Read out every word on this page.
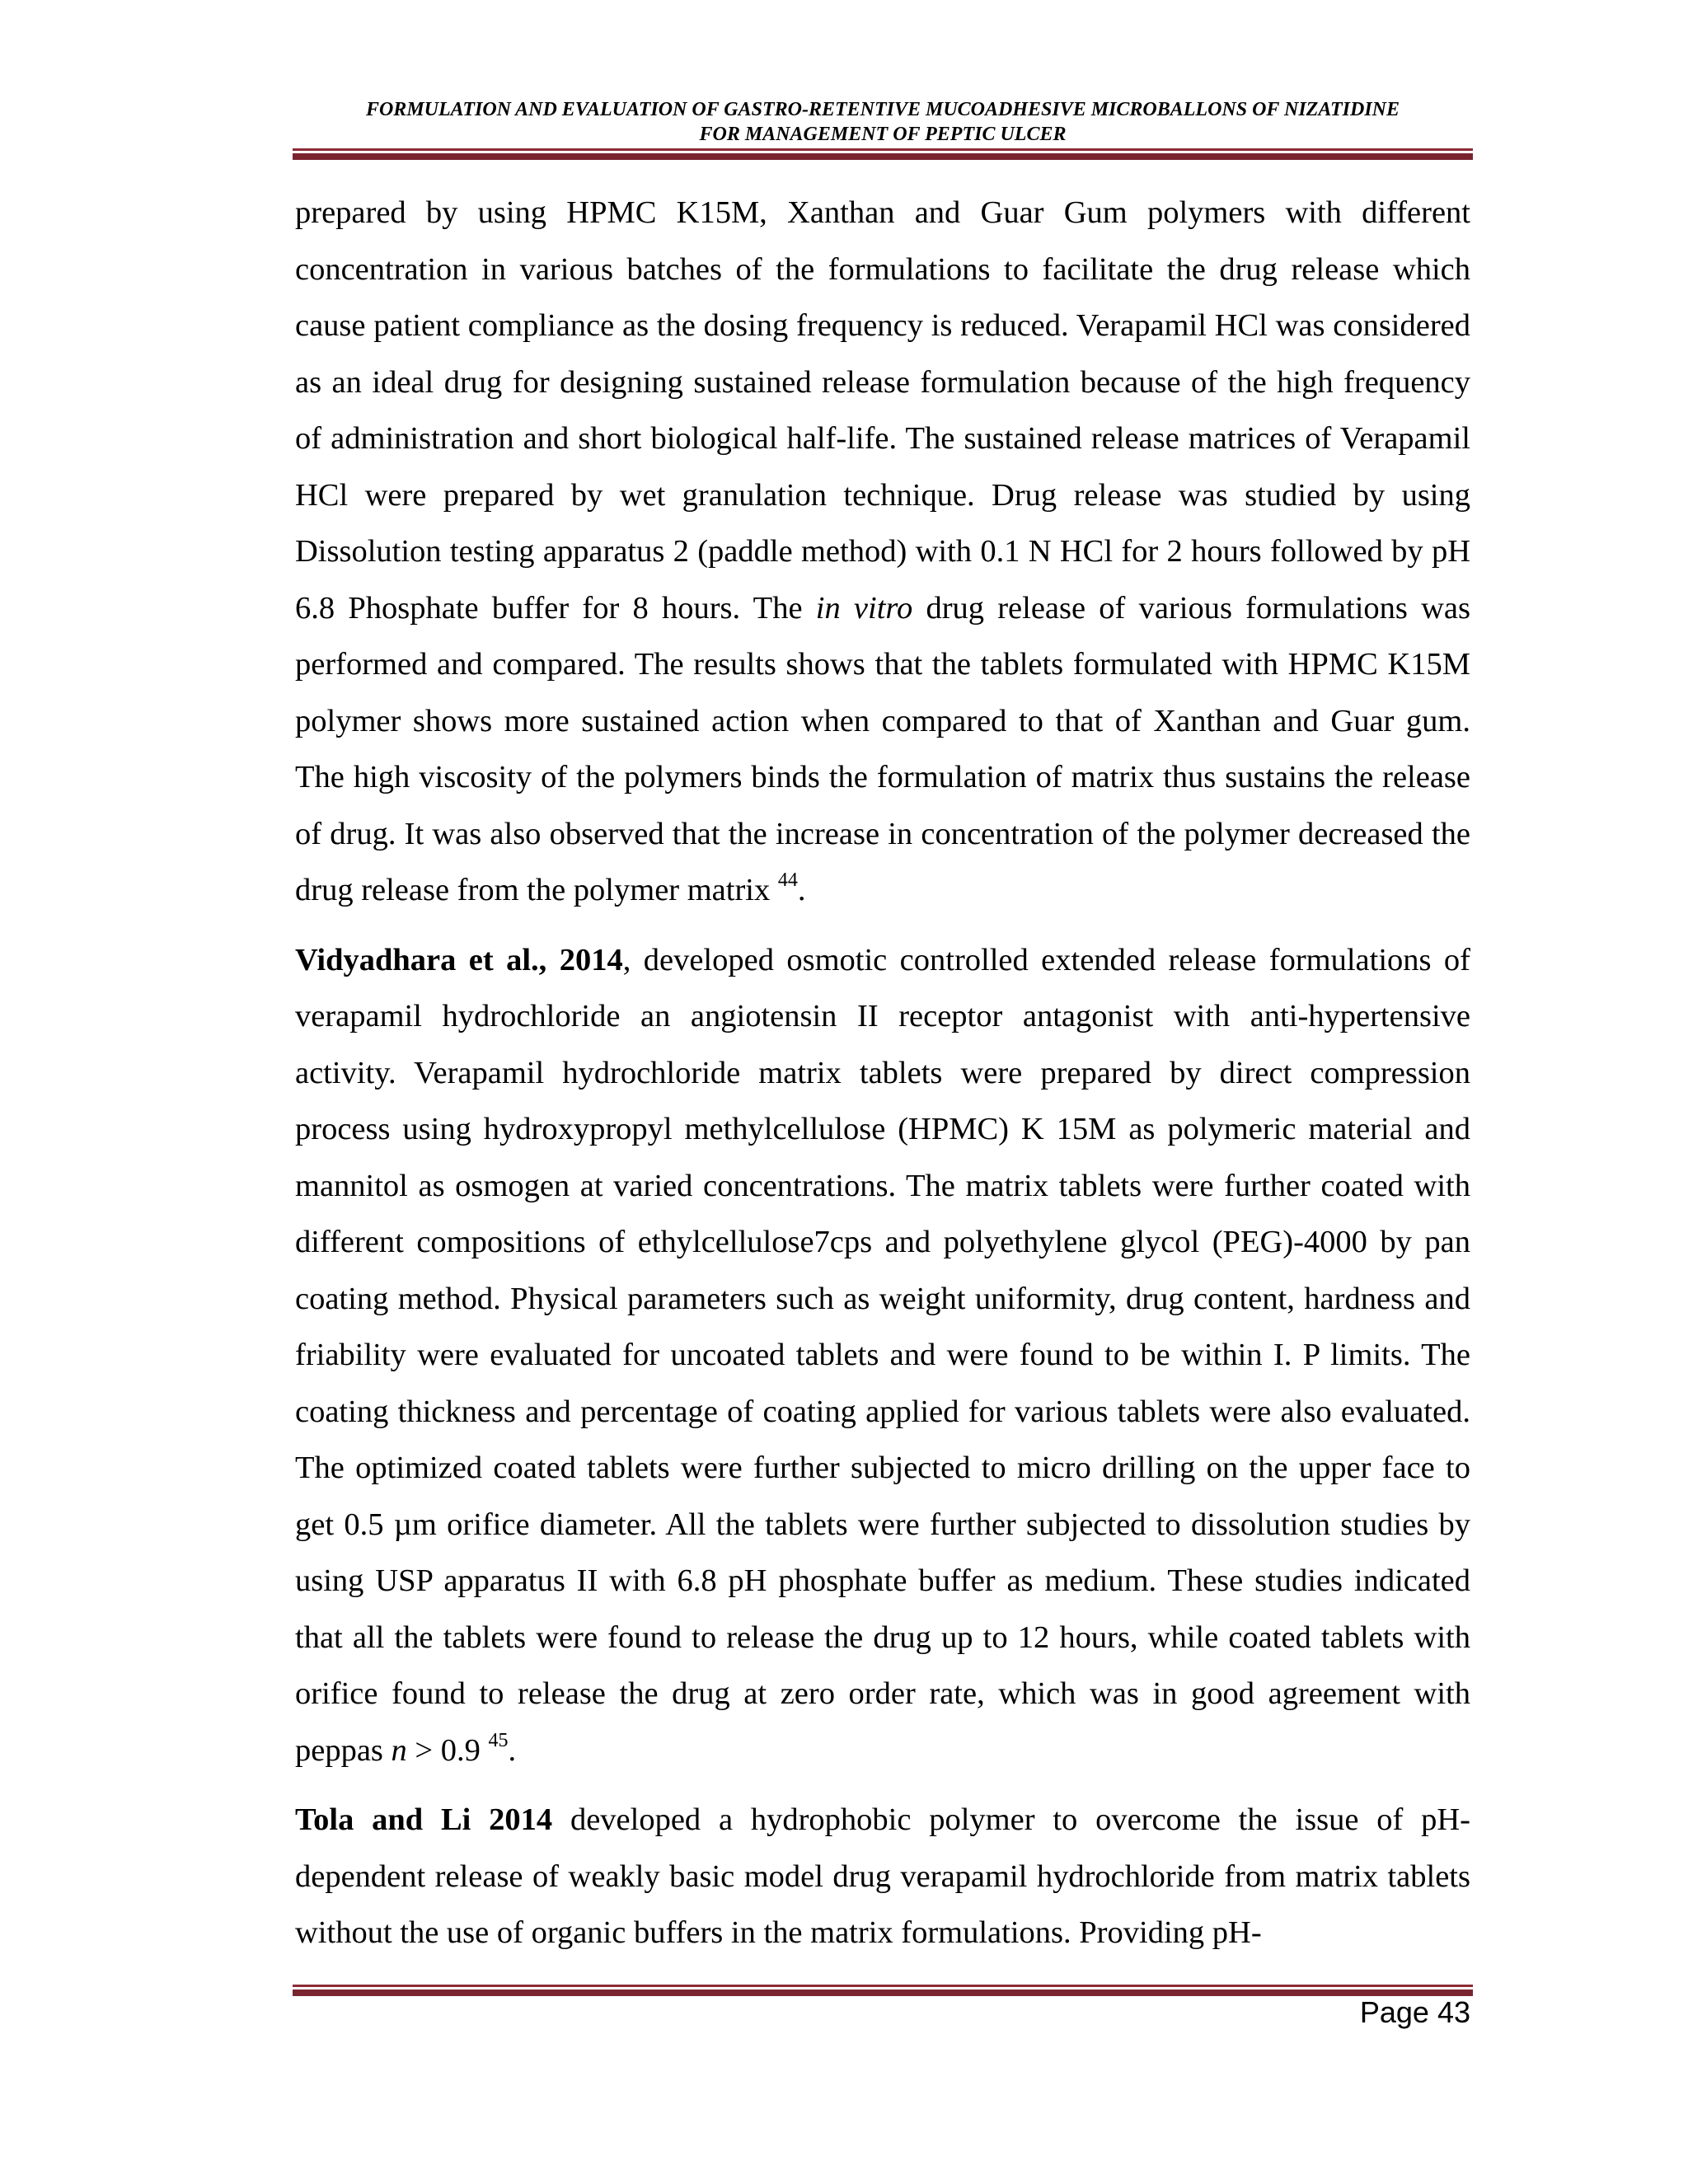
FORMULATION AND EVALUATION OF GASTRO-RETENTIVE MUCOADHESIVE MICROBALLONS OF NIZATIDINE
FOR MANAGEMENT OF PEPTIC ULCER

prepared by using HPMC K15M, Xanthan and Guar Gum polymers with different concentration in various batches of the formulations to facilitate the drug release which cause patient compliance as the dosing frequency is reduced. Verapamil HCl was considered as an ideal drug for designing sustained release formulation because of the high frequency of administration and short biological half-life. The sustained release matrices of Verapamil HCl were prepared by wet granulation technique. Drug release was studied by using Dissolution testing apparatus 2 (paddle method) with 0.1 N HCl for 2 hours followed by pH 6.8 Phosphate buffer for 8 hours. The in vitro drug release of various formulations was performed and compared. The results shows that the tablets formulated with HPMC K15M polymer shows more sustained action when compared to that of Xanthan and Guar gum. The high viscosity of the polymers binds the formulation of matrix thus sustains the release of drug. It was also observed that the increase in concentration of the polymer decreased the drug release from the polymer matrix $^{44}$.

Vidyadhara et al., 2014, developed osmotic controlled extended release formulations of verapamil hydrochloride an angiotensin II receptor antagonist with anti-hypertensive activity. Verapamil hydrochloride matrix tablets were prepared by direct compression process using hydroxypropyl methylcellulose (HPMC) K 15M as polymeric material and mannitol as osmogen at varied concentrations. The matrix tablets were further coated with different compositions of ethylcellulose7cps and polyethylene glycol (PEG)-4000 by pan coating method. Physical parameters such as weight uniformity, drug content, hardness and friability were evaluated for uncoated tablets and were found to be within I. P limits. The coating thickness and percentage of coating applied for various tablets were also evaluated. The optimized coated tablets were further subjected to micro drilling on the upper face to get 0.5 µm orifice diameter. All the tablets were further subjected to dissolution studies by using USP apparatus II with 6.8 pH phosphate buffer as medium. These studies indicated that all the tablets were found to release the drug up to 12 hours, while coated tablets with orifice found to release the drug at zero order rate, which was in good agreement with peppas n > 0.9 $^{45}$.

Tola and Li 2014 developed a hydrophobic polymer to overcome the issue of pH-dependent release of weakly basic model drug verapamil hydrochloride from matrix tablets without the use of organic buffers in the matrix formulations. Providing pH-

Page 43
